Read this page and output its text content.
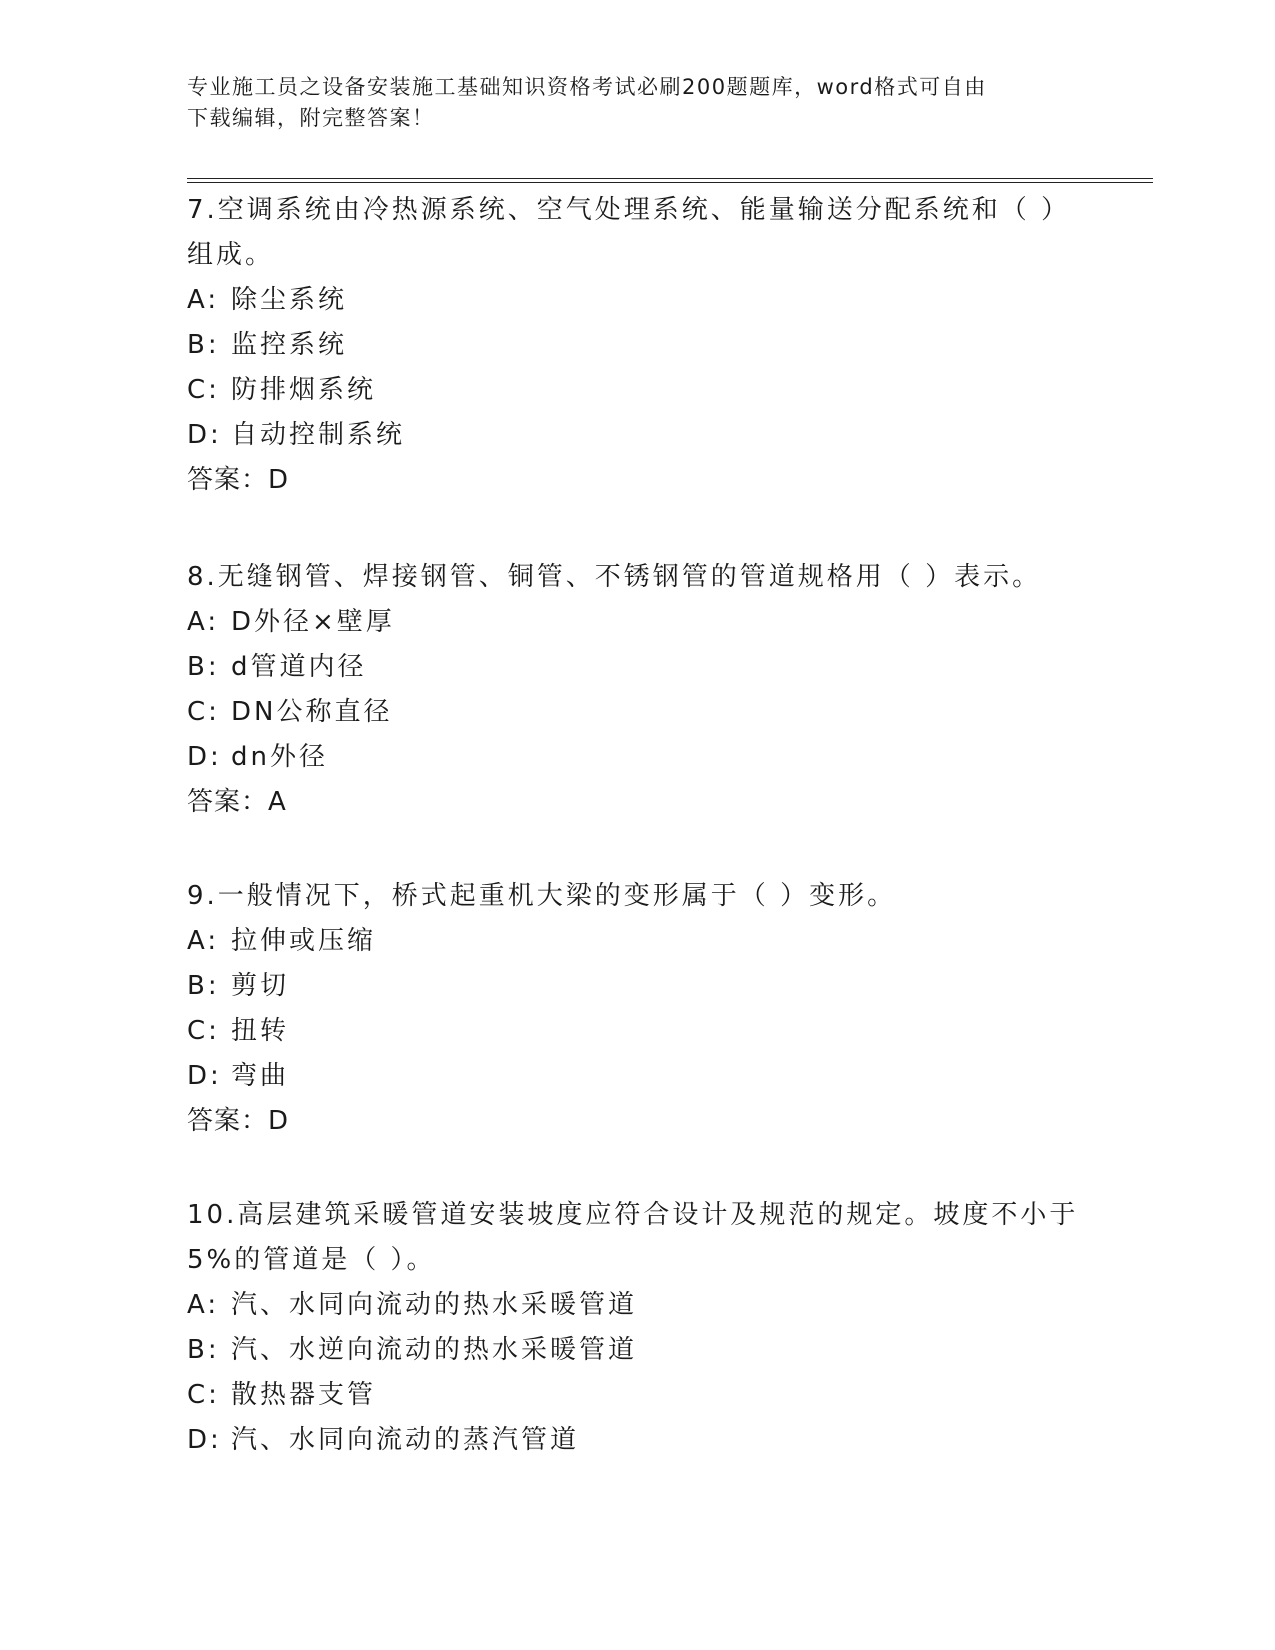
专业施工员之设备安装施工基础知识资格考试必刷200题题库，word格式可自由
下载编辑，附完整答案！
7.空调系统由冷热源系统、空气处理系统、能量输送分配系统和（ ）
组成。
A: 除尘系统
B: 监控系统
C: 防排烟系统
D: 自动控制系统
答案：D
8.无缝钢管、焊接钢管、铜管、不锈钢管的管道规格用（ ）表示。
A: D外径×壁厚
B: d管道内径
C: DN公称直径
D: dn外径
答案：A
9.一般情况下，桥式起重机大梁的变形属于（ ）变形。
A: 拉伸或压缩
B: 剪切
C: 扭转
D: 弯曲
答案：D
10.高层建筑采暖管道安装坡度应符合设计及规范的规定。坡度不小于
5%的管道是（ ）。
A: 汽、水同向流动的热水采暖管道
B: 汽、水逆向流动的热水采暖管道
C: 散热器支管
D: 汽、水同向流动的蒸汽管道
